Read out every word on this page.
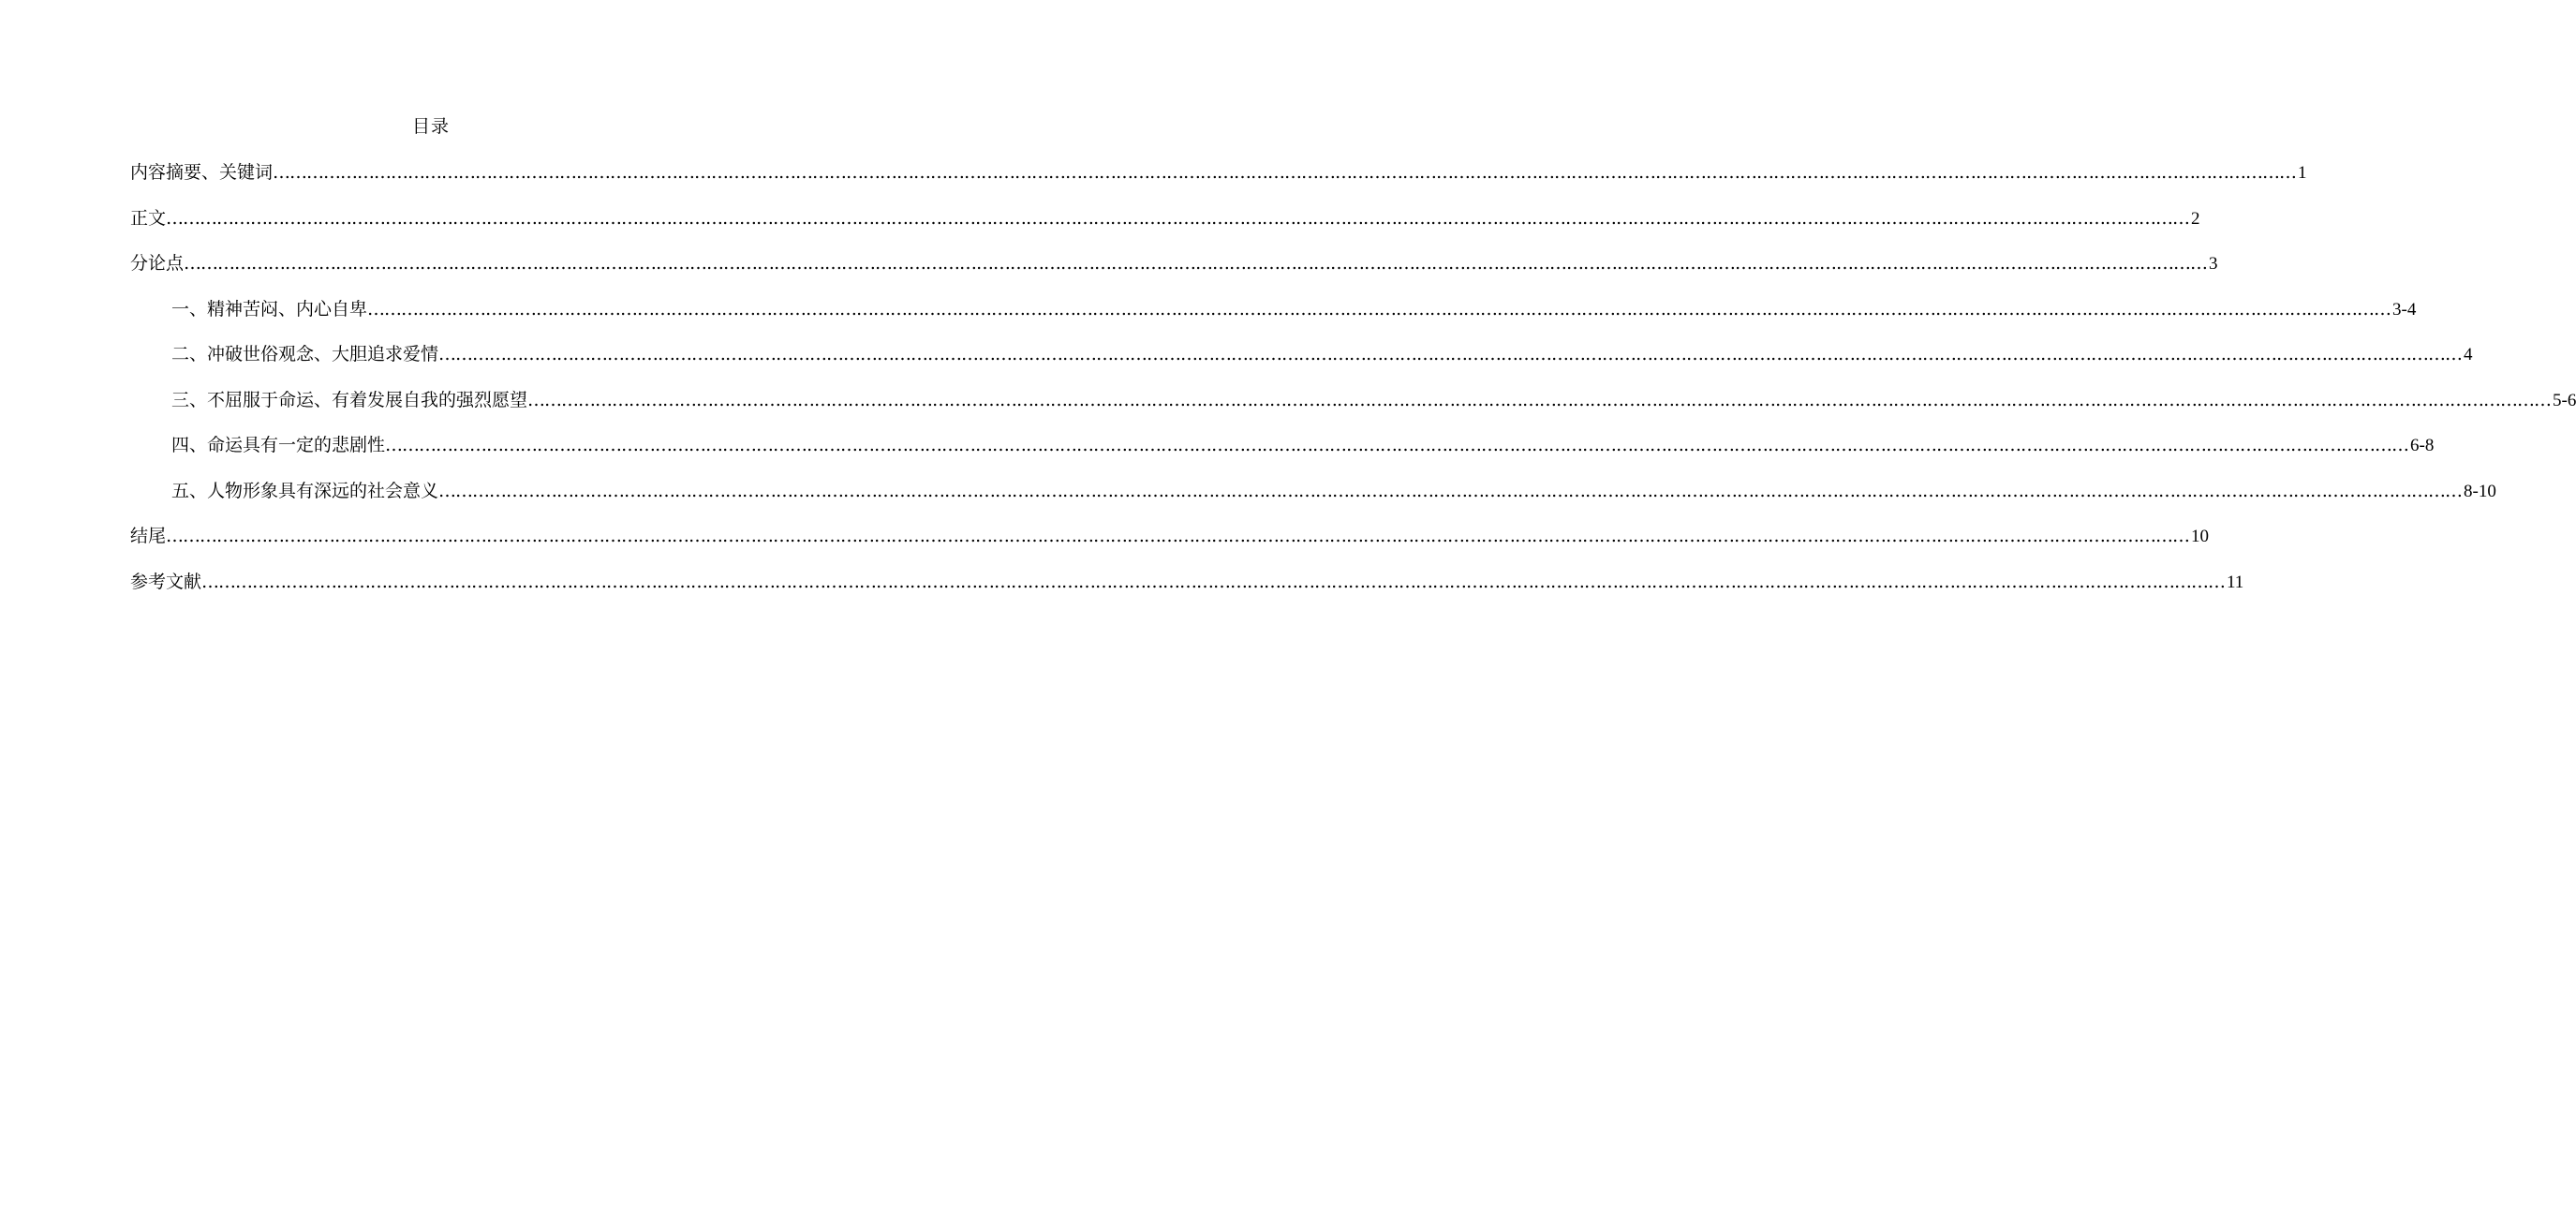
目录
内容摘要、关键词 ……………………………………………………………………………………………………………………………………………………………………………………………………………………………………………………………………………………………………………………………… 1
正文 ……………………………………………………………………………………………………………………………………………………………………………………………………………………………………………………………………………………………………………………………… 2
分论点 ……………………………………………………………………………………………………………………………………………………………………………………………………………………………………………………………………………………………………………………………… 3
一、精神苦闷、内心自卑 ……………………………………………………………………………………………………………………………………………………………………………………………………………………………………………………………………………………………………………………………… 3-4
二、冲破世俗观念、大胆追求爱情 ……………………………………………………………………………………………………………………………………………………………………………………………………………………………………………………………………………………………………………………………… 4
三、不屈服于命运、有着发展自我的强烈愿望 ……………………………………………………………………………………………………………………………………………………………………………………………………………………………………………………………………………………………………………………………… 5-6
四、命运具有一定的悲剧性 ……………………………………………………………………………………………………………………………………………………………………………………………………………………………………………………………………………………………………………………………… 6-8
五、人物形象具有深远的社会意义 ……………………………………………………………………………………………………………………………………………………………………………………………………………………………………………………………………………………………………………………………… 8-10
结尾 ……………………………………………………………………………………………………………………………………………………………………………………………………………………………………………………………………………………………………………………………… 10
参考文献 ……………………………………………………………………………………………………………………………………………………………………………………………………………………………………………………………………………………………………………………………… 11
